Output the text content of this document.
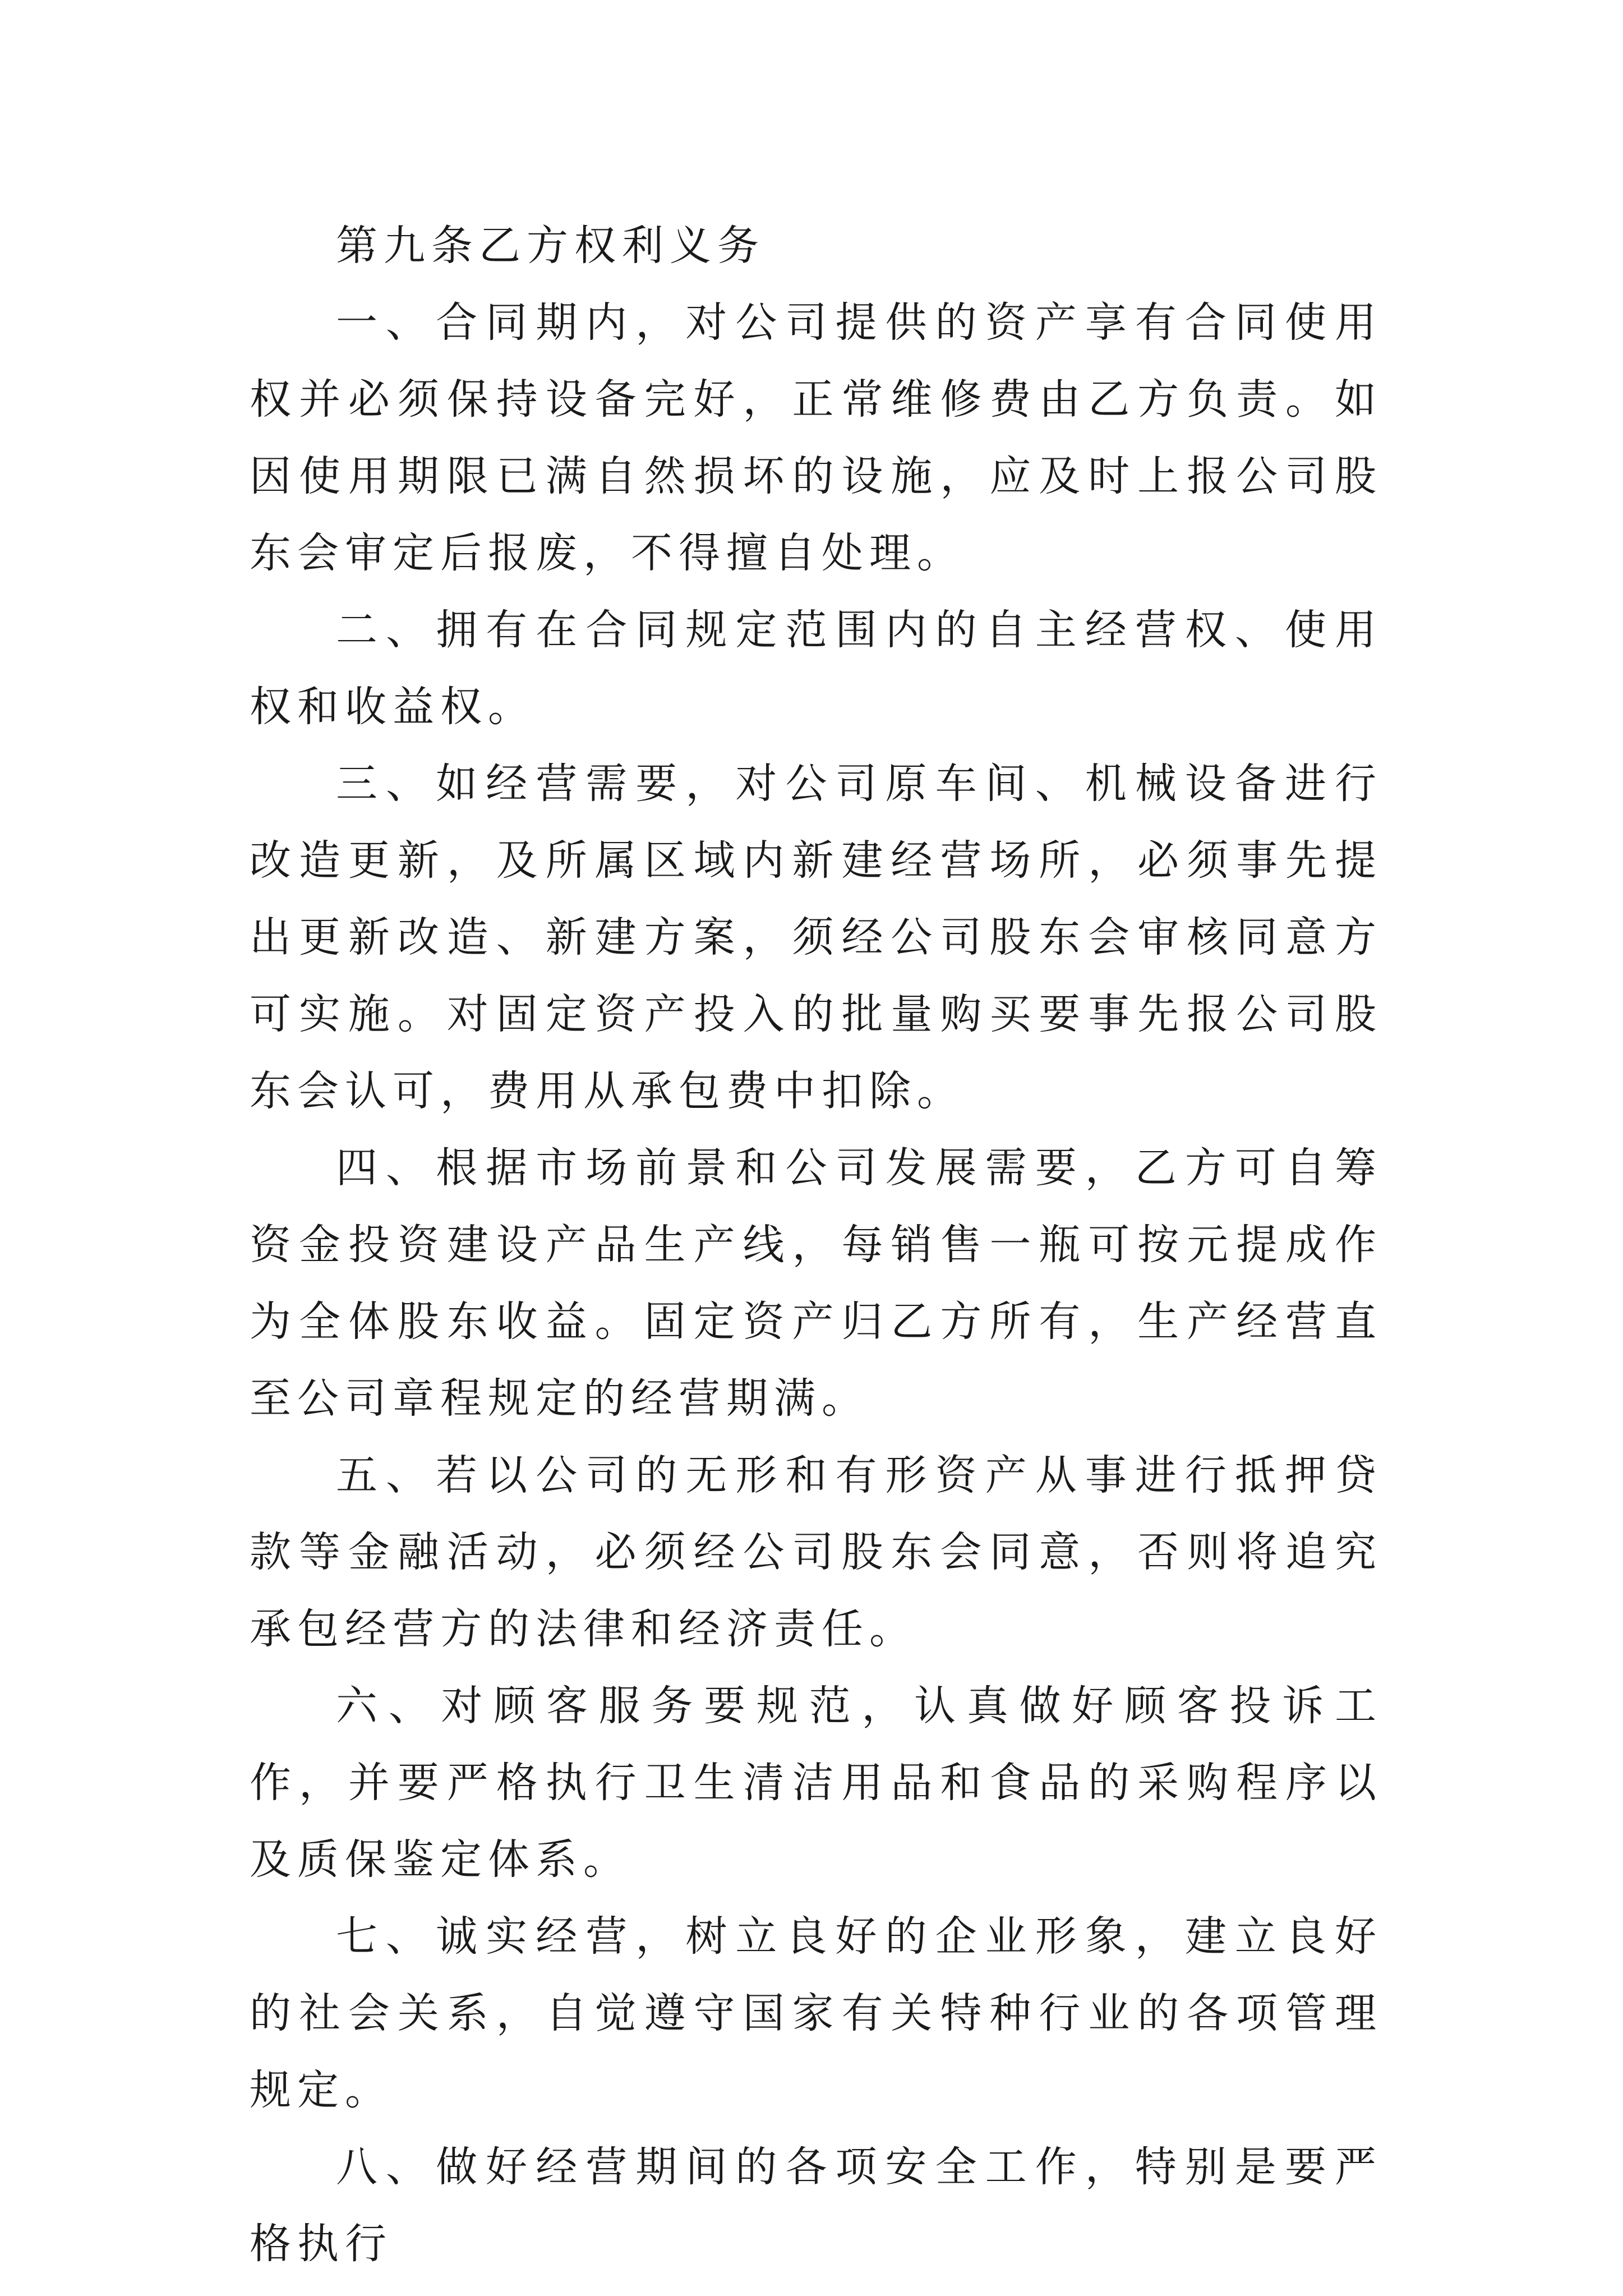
第九条乙方权利义务

一、合同期内，对公司提供的资产享有合同使用权并必须保持设备完好，正常维修费由乙方负责。如因使用期限已满自然损坏的设施，应及时上报公司股东会审定后报废，不得擅自处理。

二、拥有在合同规定范围内的自主经营权、使用权和收益权。

三、如经营需要，对公司原车间、机械设备进行改造更新，及所属区域内新建经营场所，必须事先提出更新改造、新建方案，须经公司股东会审核同意方可实施。对固定资产投入的批量购买要事先报公司股东会认可，费用从承包费中扣除。

四、根据市场前景和公司发展需要，乙方可自筹资金投资建设产品生产线，每销售一瓶可按元提成作为全体股东收益。固定资产归乙方所有，生产经营直至公司章程规定的经营期满。

五、若以公司的无形和有形资产从事进行抵押贷款等金融活动，必须经公司股东会同意，否则将追究承包经营方的法律和经济责任。

六、对顾客服务要规范，认真做好顾客投诉工作，并要严格执行卫生清洁用品和食品的采购程序以及质保鉴定体系。

七、诚实经营，树立良好的企业形象，建立良好的社会关系，自觉遵守国家有关特种行业的各项管理规定。

八、做好经营期间的各项安全工作，特别是要严格执行
